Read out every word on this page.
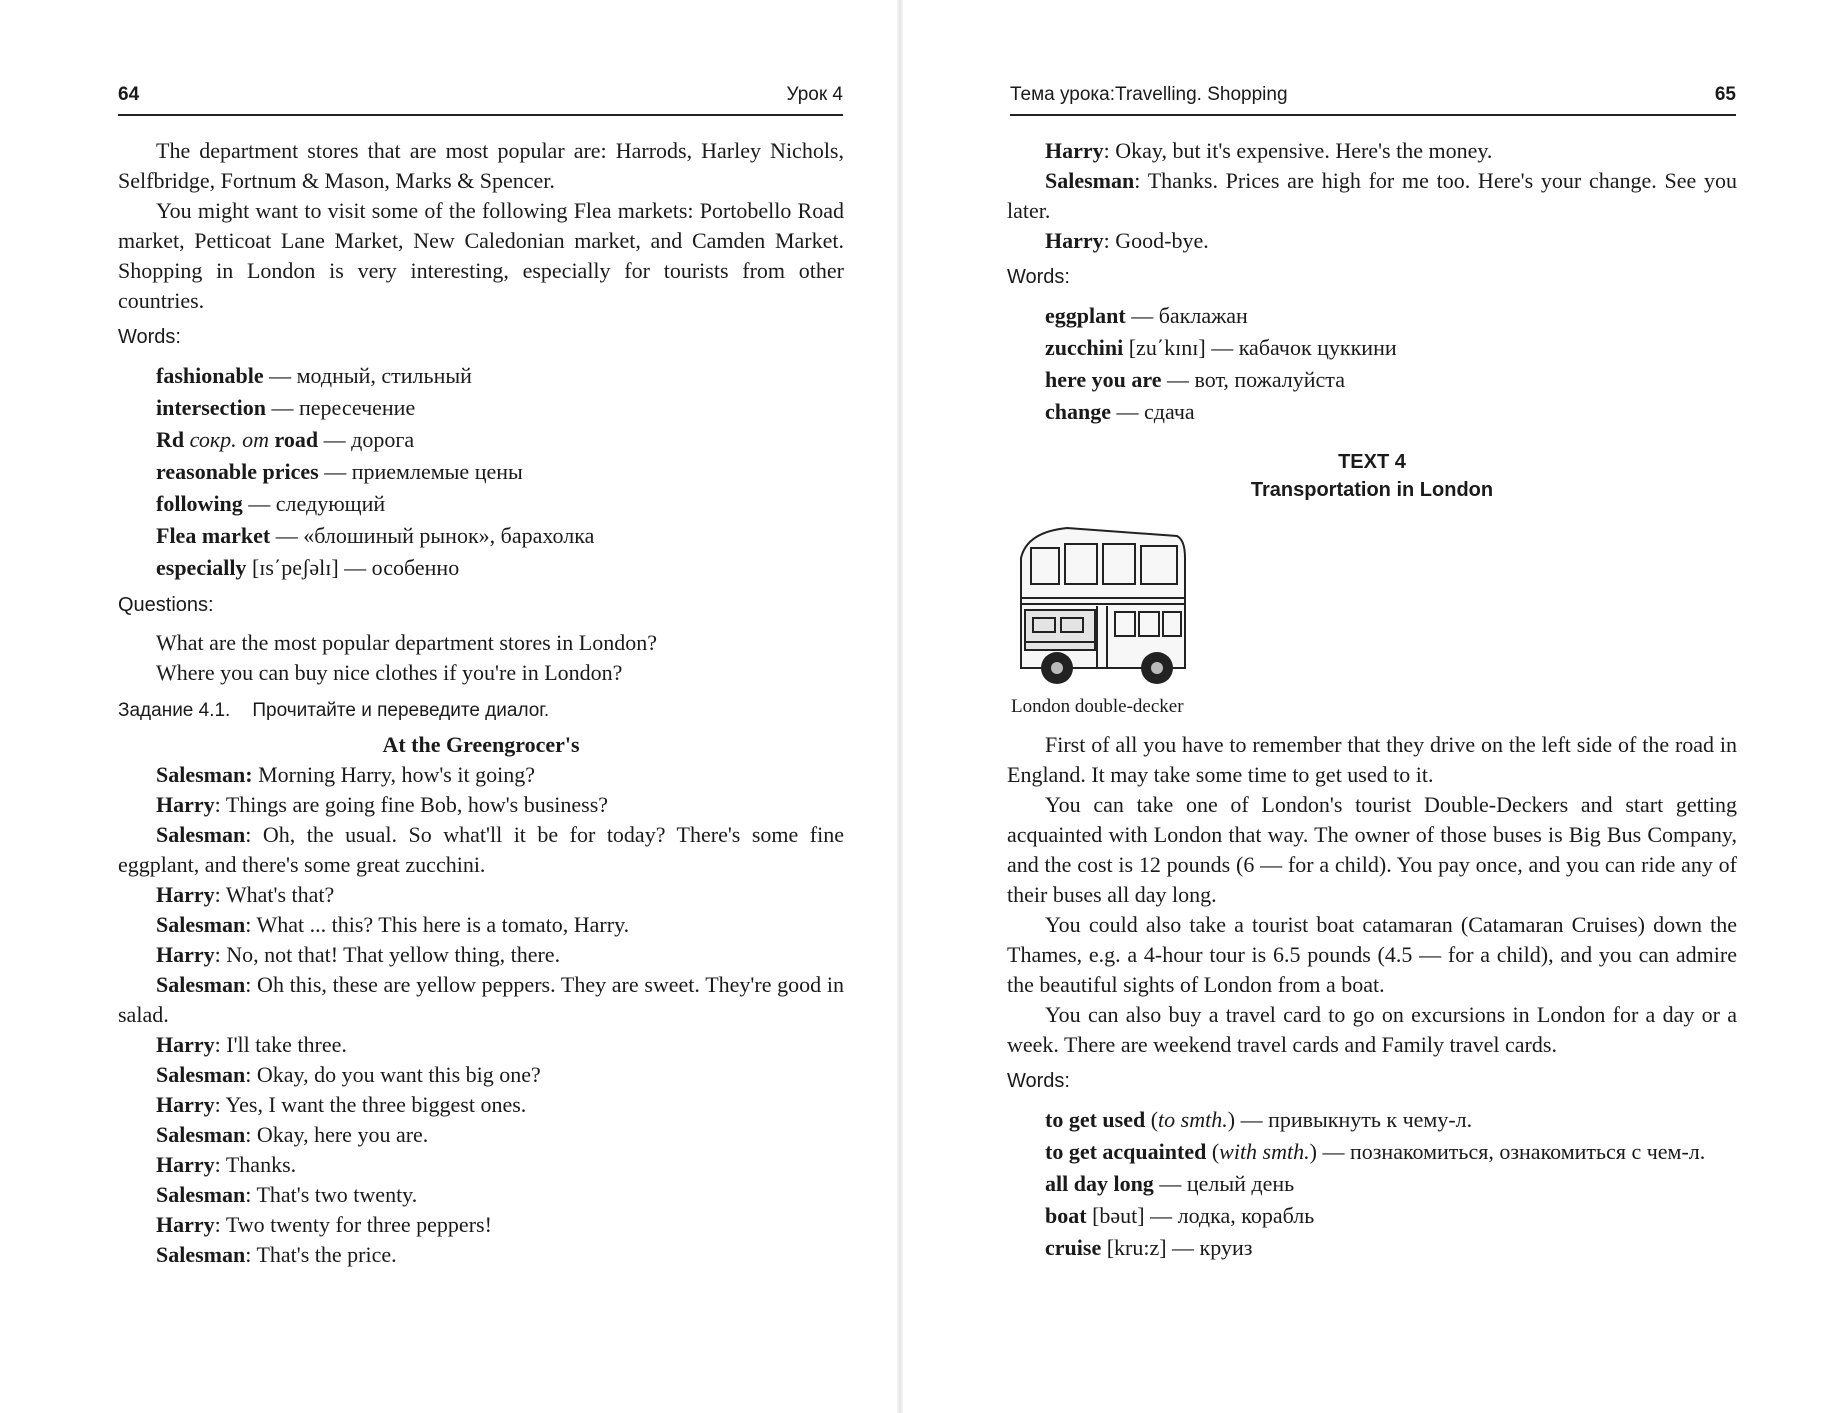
64	Урок 4

The department stores that are most popular are: Harrods, Harley Nichols, Selfbridge, Fortnum & Mason, Marks & Spencer.

You might want to visit some of the following Flea markets: Portobello Road market, Petticoat Lane Market, New Caledonian market, and Camden Market. Shopping in London is very interesting, especially for tourists from other countries.

Words:
fashionable — модный, стильный
intersection — пересечение
Rd сокр. от road — дорога
reasonable prices — приемлемые цены
following — следующий
Flea market — «блошиный рынок», барахолка
especially [ɪs΄peʃəlɪ] — особенно
Questions:
What are the most popular department stores in London?
Where you can buy nice clothes if you're in London?
Задание 4.1. Прочитайте и переведите диалог.
At the Greengrocer's

Salesman: Morning Harry, how's it going?

Harry: Things are going fine Bob, how's business?

Salesman: Oh, the usual. So what'll it be for today? There's some fine eggplant, and there's some great zucchini.

Harry: What's that?

Salesman: What ... this? This here is a tomato, Harry.

Harry: No, not that! That yellow thing, there.

Salesman: Oh this, these are yellow peppers. They are sweet. They're good in salad.

Harry: I'll take three.

Salesman: Okay, do you want this big one?

Harry: Yes, I want the three biggest ones.

Salesman: Okay, here you are.

Harry: Thanks.

Salesman: That's two twenty.

Harry: Two twenty for three peppers!

Salesman: That's the price.

Тема урока:Travelling. Shopping	65

Harry: Okay, but it's expensive. Here's the money.

Salesman: Thanks. Prices are high for me too. Here's your change. See you later.

Harry: Good-bye.

Words:
eggplant — баклажан
zucchini [zu΄kɪnɪ] — кабачок цуккини
here you are — вот, пожалуйста
change — сдача
TEXT 4
Transportation in London
London double-decker

First of all you have to remember that they drive on the left side of the road in England. It may take some time to get used to it.

You can take one of London's tourist Double-Deckers and start getting acquainted with London that way. The owner of those buses is Big Bus Company, and the cost is 12 pounds (6 — for a child). You pay once, and you can ride any of their buses all day long.

You could also take a tourist boat catamaran (Catamaran Cruises) down the Thames, e.g. a 4-hour tour is 6.5 pounds (4.5 — for a child), and you can admire the beautiful sights of London from a boat.

You can also buy a travel card to go on excursions in London for a day or a week. There are weekend travel cards and Family travel cards.

Words:

to get used (to smth.) — привыкнуть к чему-л.

to get acquainted (with smth.) — познакомиться, ознакомиться с чем-л.

all day long — целый день

boat [bəut] — лодка, корабль

cruise [kru:z] — круиз
